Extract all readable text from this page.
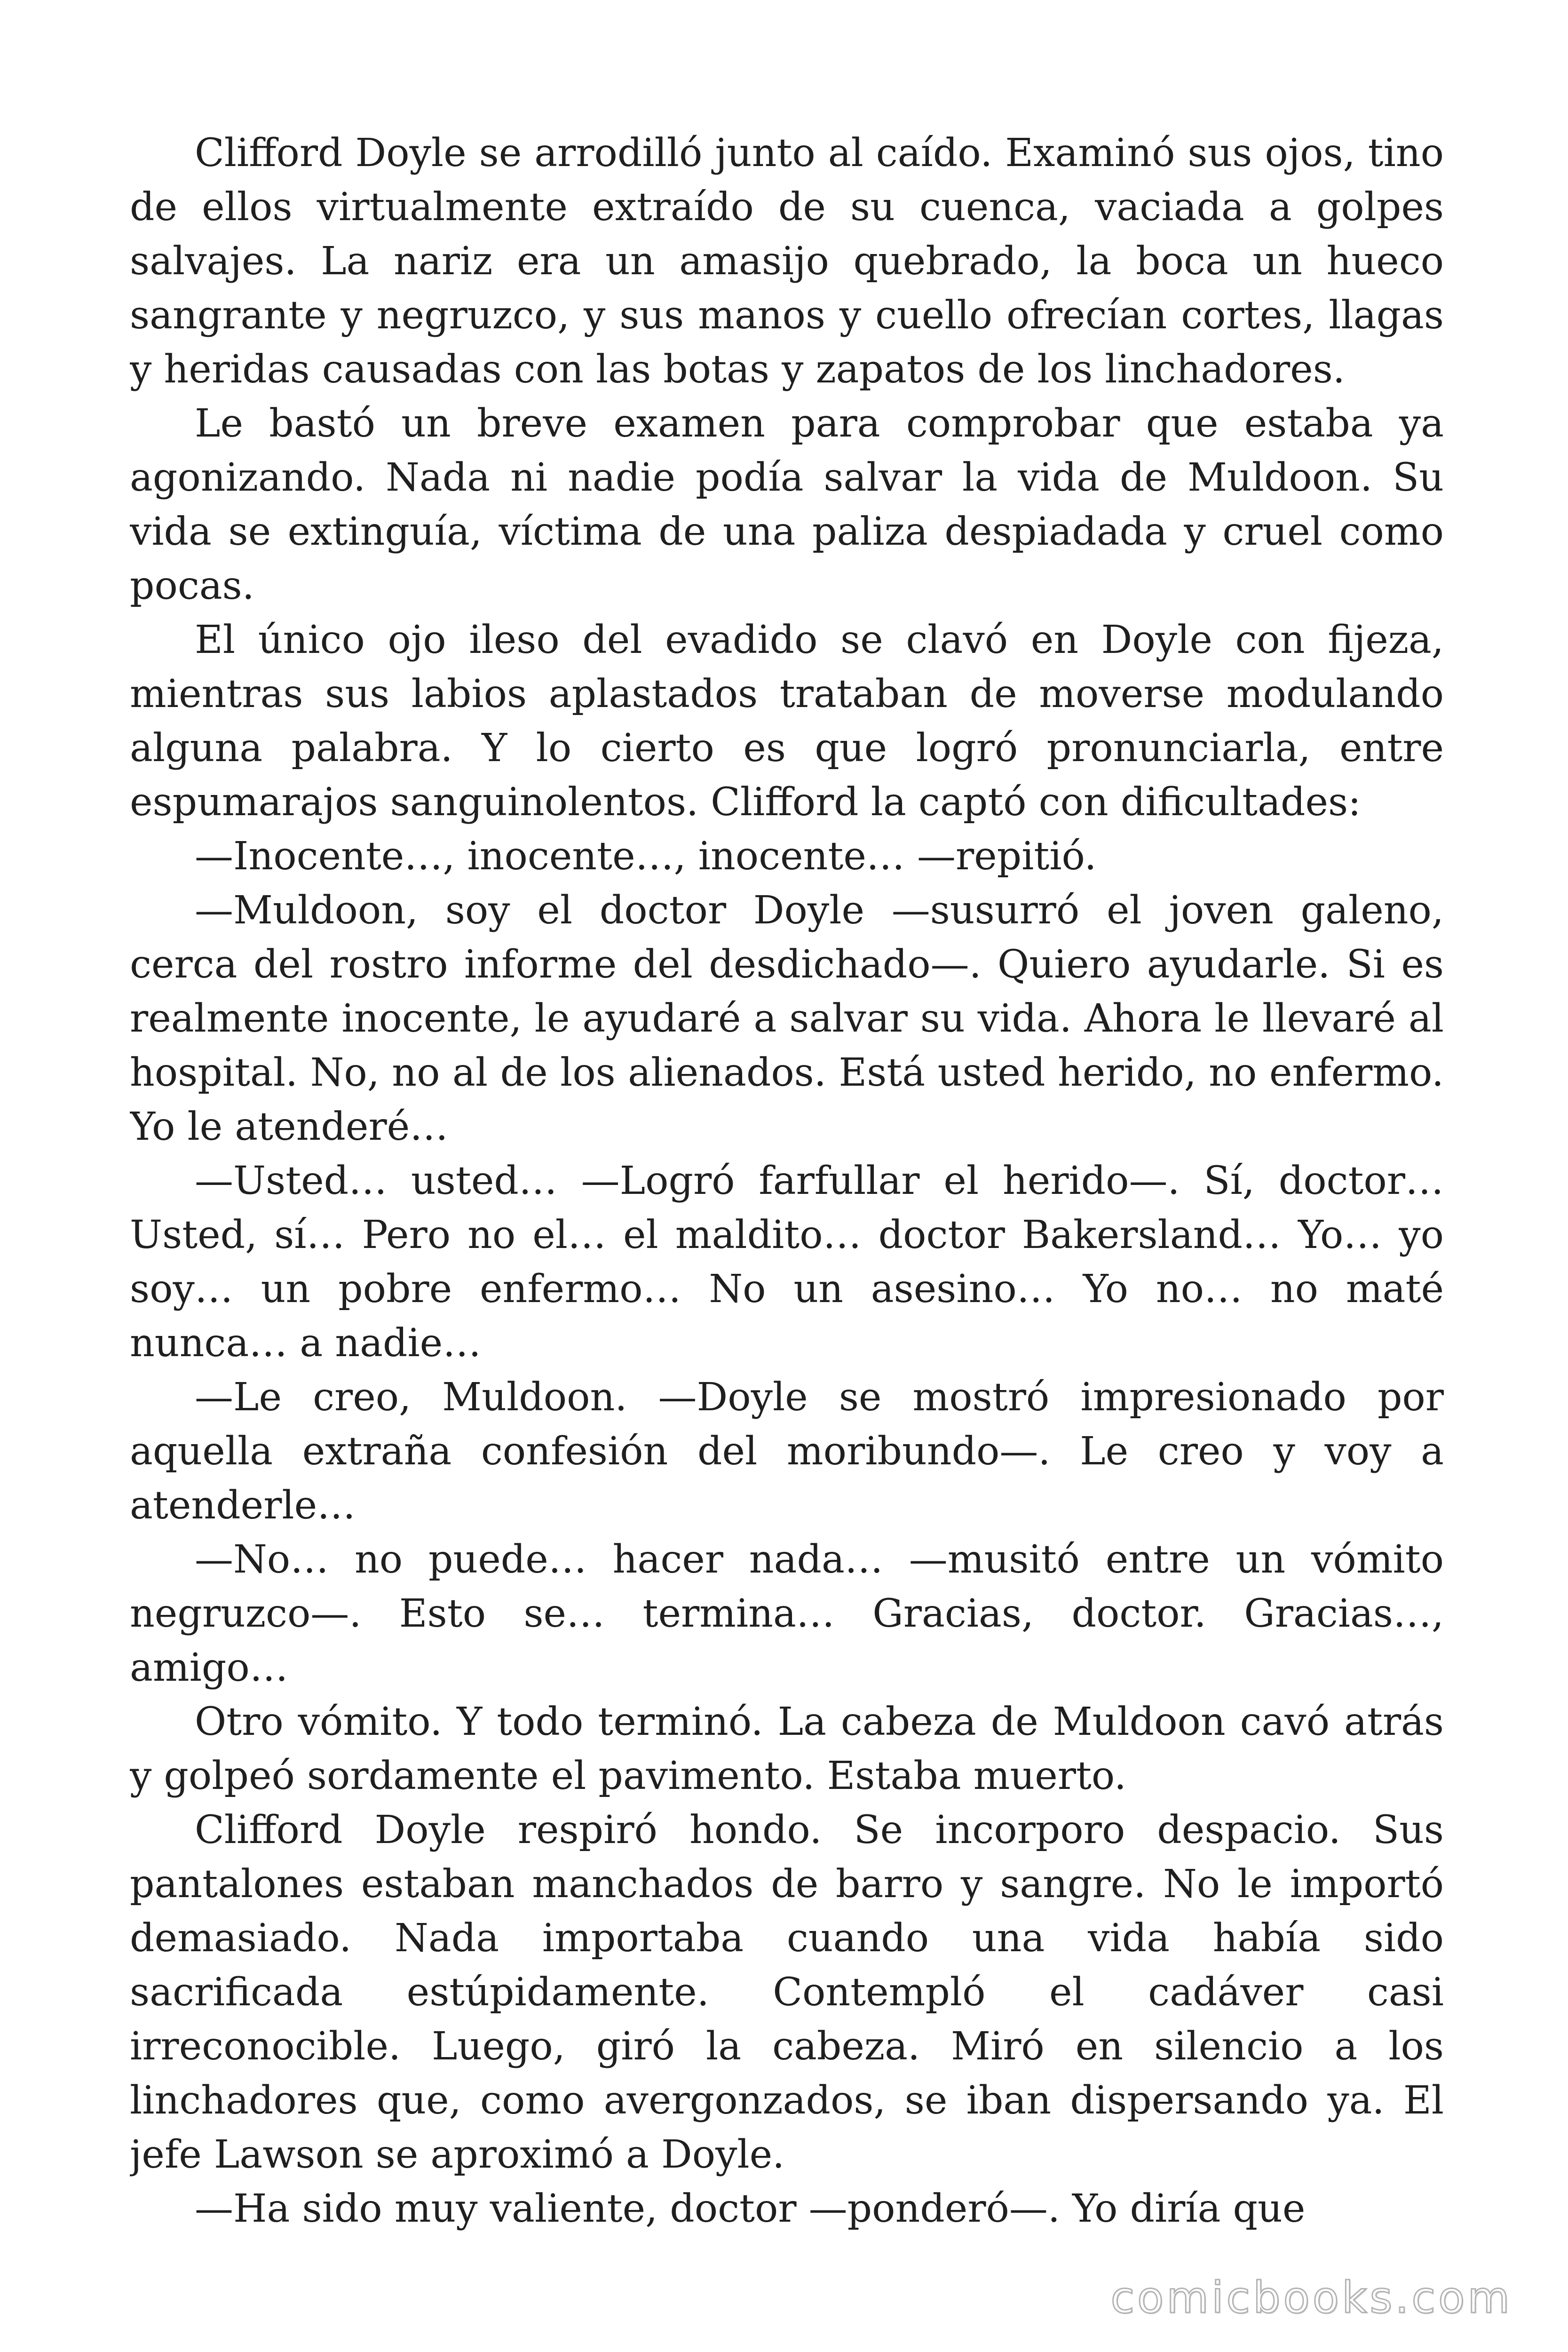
Clifford Doyle se arrodilló junto al caído. Examinó sus ojos, tino de ellos virtualmente extraído de su cuenca, vaciada a golpes salvajes. La nariz era un amasijo quebrado, la boca un hueco sangrante y negruzco, y sus manos y cuello ofrecían cortes, llagas y heridas causadas con las botas y zapatos de los linchadores.

Le bastó un breve examen para comprobar que estaba ya agonizando. Nada ni nadie podía salvar la vida de Muldoon. Su vida se extinguía, víctima de una paliza despiadada y cruel como pocas.

El único ojo ileso del evadido se clavó en Doyle con fijeza, mientras sus labios aplastados trataban de moverse modulando alguna palabra. Y lo cierto es que logró pronunciarla, entre espumarajos sanguinolentos. Clifford la captó con dificultades:

—Inocente…, inocente…, inocente… —repitió.

—Muldoon, soy el doctor Doyle —susurró el joven galeno, cerca del rostro informe del desdichado—. Quiero ayudarle. Si es realmente inocente, le ayudaré a salvar su vida. Ahora le llevaré al hospital. No, no al de los alienados. Está usted herido, no enfermo. Yo le atenderé…

—Usted… usted… —Logró farfullar el herido—. Sí, doctor… Usted, sí… Pero no el… el maldito… doctor Bakersland… Yo… yo soy… un pobre enfermo… No un asesino… Yo no… no maté nunca… a nadie…

—Le creo, Muldoon. —Doyle se mostró impresionado por aquella extraña confesión del moribundo—. Le creo y voy a atenderle…

—No… no puede… hacer nada… —musitó entre un vómito negruzco—. Esto se… termina… Gracias, doctor. Gracias…, amigo…

Otro vómito. Y todo terminó. La cabeza de Muldoon cavó atrás y golpeó sordamente el pavimento. Estaba muerto.

Clifford Doyle respiró hondo. Se incorporo despacio. Sus pantalones estaban manchados de barro y sangre. No le importó demasiado. Nada importaba cuando una vida había sido sacrificada estúpidamente. Contempló el cadáver casi irreconocible. Luego, giró la cabeza. Miró en silencio a los linchadores que, como avergonzados, se iban dispersando ya. El jefe Lawson se aproximó a Doyle.

—Ha sido muy valiente, doctor —ponderó—. Yo diría que

comicbooks.com
